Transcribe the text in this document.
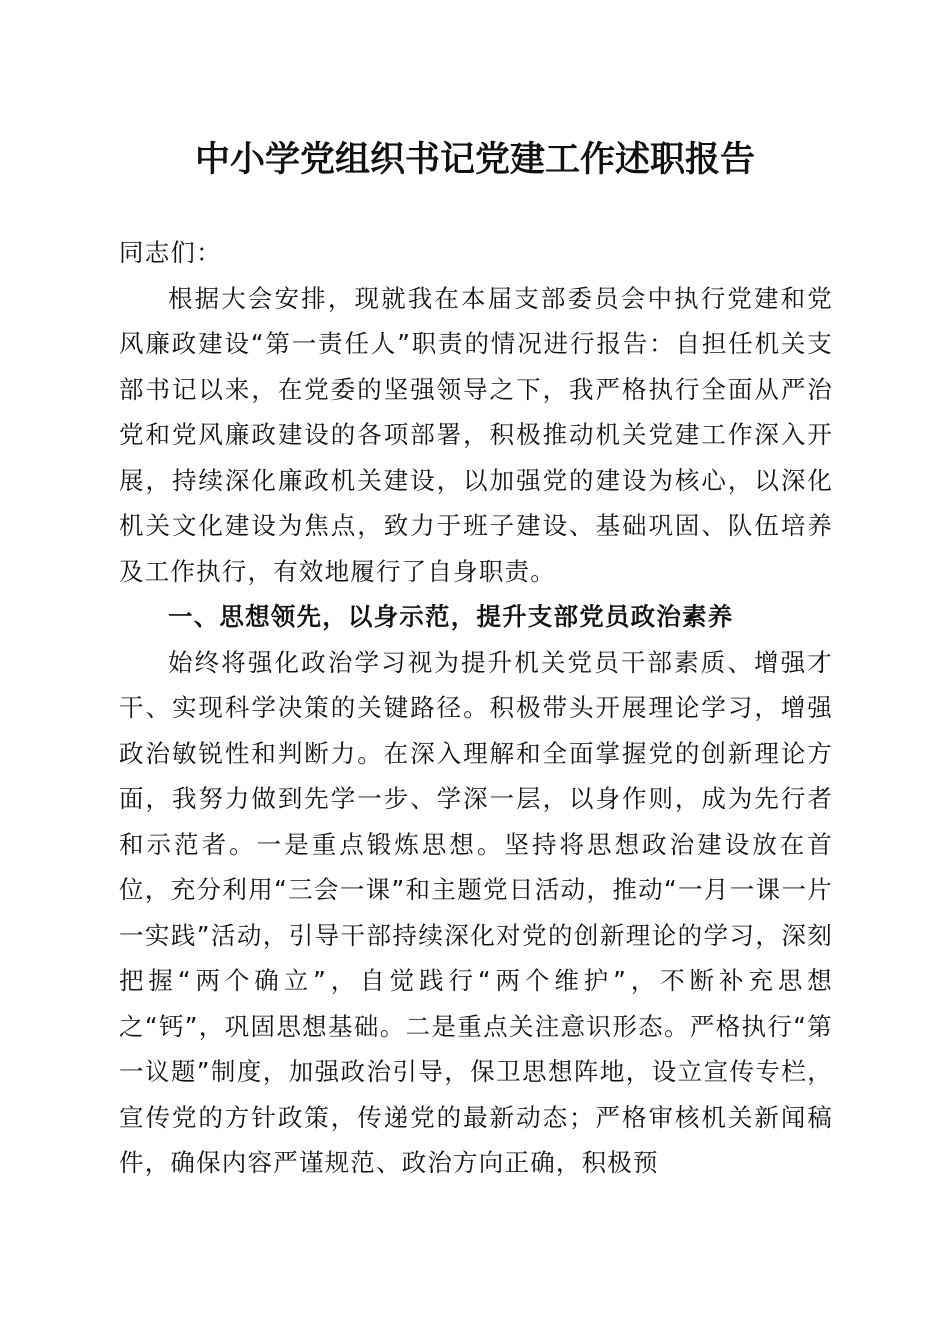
中小学党组织书记党建工作述职报告

同志们：

根据大会安排，现就我在本届支部委员会中执行党建和党风廉政建设“第一责任人”职责的情况进行报告：自担任机关支部书记以来，在党委的坚强领导之下，我严格执行全面从严治党和党风廉政建设的各项部署，积极推动机关党建工作深入开展，持续深化廉政机关建设，以加强党的建设为核心，以深化机关文化建设为焦点，致力于班子建设、基础巩固、队伍培养及工作执行，有效地履行了自身职责。

一、思想领先，以身示范，提升支部党员政治素养

始终将强化政治学习视为提升机关党员干部素质、增强才干、实现科学决策的关键路径。积极带头开展理论学习，增强政治敏锐性和判断力。在深入理解和全面掌握党的创新理论方面，我努力做到先学一步、学深一层，以身作则，成为先行者和示范者。一是重点锻炼思想。坚持将思想政治建设放在首位，充分利用“三会一课”和主题党日活动，推动“一月一课一片一实践”活动，引导干部持续深化对党的创新理论的学习，深刻把握“两个确立”，自觉践行“两个维护”，不断补充思想之“钙”，巩固思想基础。二是重点关注意识形态。严格执行“第一议题”制度，加强政治引导，保卫思想阵地，设立宣传专栏，宣传党的方针政策，传递党的最新动态；严格审核机关新闻稿件，确保内容严谨规范、政治方向正确，积极预
